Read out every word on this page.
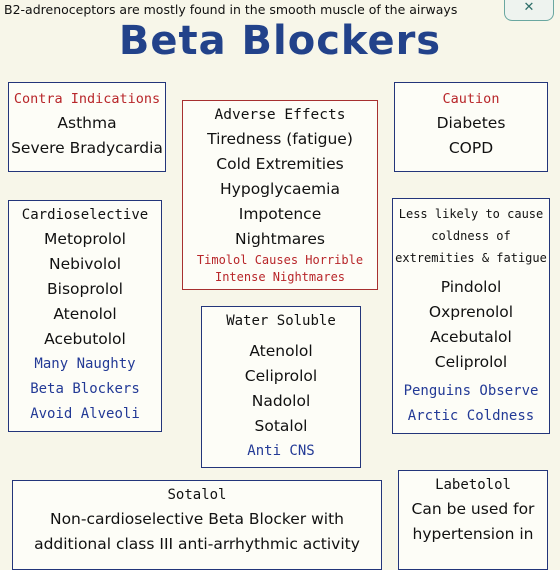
B2-adrenoceptors are mostly found in the smooth muscle of the airways	✕
Beta Blockers
Contra Indications
Asthma
Severe Bradycardia
Adverse Effects
Tiredness (fatigue)
Cold Extremities
Hypoglycaemia
Impotence
Nightmares
Timolol Causes Horrible
Intense Nightmares
Caution
Diabetes
COPD
Cardioselective
Metoprolol
Nebivolol
Bisoprolol
Atenolol
Acebutolol
Many Naughty
Beta Blockers
Avoid Alveoli
Water Soluble
Atenolol
Celiprolol
Nadolol
Sotalol
Anti CNS
Less likely to cause
coldness of
extremities & fatigue
Pindolol
Oxprenolol
Acebutalol
Celiprolol
Penguins Observe
Arctic Coldness
Sotalol
Non-cardioselective Beta Blocker with
additional class III anti-arrhythmic activity
Labetolol
Can be used for
hypertension in
